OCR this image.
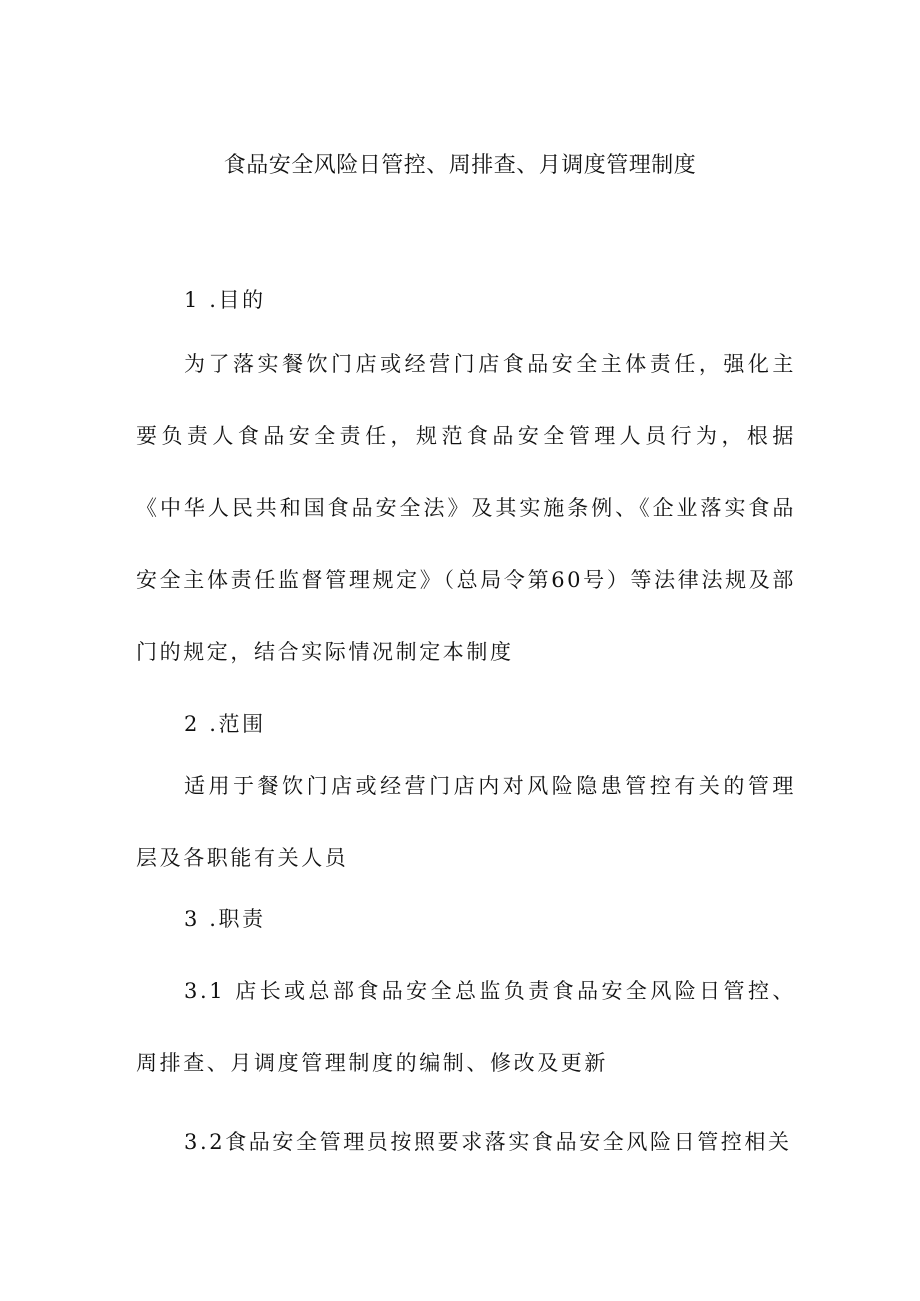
食品安全风险日管控、周排查、月调度管理制度

1 .目的

为了落实餐饮门店或经营门店食品安全主体责任，强化主要负责人食品安全责任，规范食品安全管理人员行为，根据《中华人民共和国食品安全法》及其实施条例、《企业落实食品安全主体责任监督管理规定》（总局令第60号）等法律法规及部门的规定，结合实际情况制定本制度

2 .范围

适用于餐饮门店或经营门店内对风险隐患管控有关的管理层及各职能有关人员

3 .职责

3.1 店长或总部食品安全总监负责食品安全风险日管控、周排查、月调度管理制度的编制、修改及更新

3.2食品安全管理员按照要求落实食品安全风险日管控相关
